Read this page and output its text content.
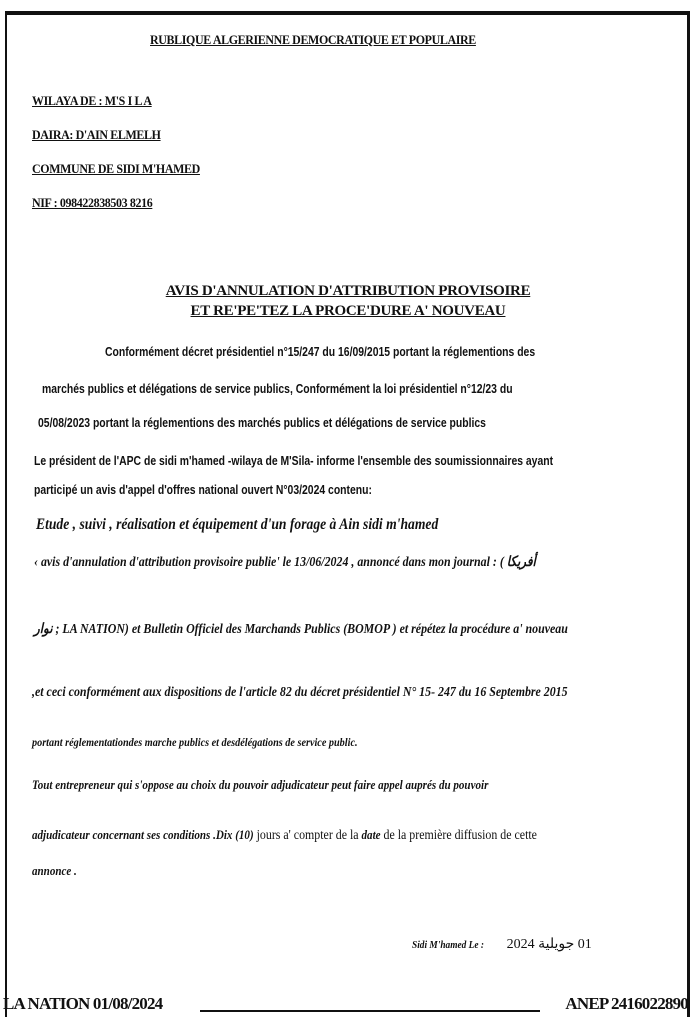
RUBLIQUE ALGERIENNE DEMOCRATIQUE ET POPULAIRE
WILAYA DE : M'S I L A
DAIRA: D'AIN ELMELH
COMMUNE DE SIDI M'HAMED
NIF : 098422838503 8216
AVIS D'ANNULATION D'ATTRIBUTION PROVISOIRE
ET RE'PE'TEZ LA PROCE'DURE A' NOUVEAU
Conformément décret présidentiel n°15/247 du 16/09/2015 portant la réglementions des
marchés publics et délégations de service publics, Conformément la loi présidentiel n°12/23 du
05/08/2023 portant la réglementions des marchés publics et délégations de service publics
Le président de l'APC de sidi m'hamed -wilaya de M'Sila- informe l'ensemble des soumissionnaires ayant
participé un avis d'appel d'offres national ouvert N°03/2024 contenu:
Etude , suivi , réalisation et équipement d'un forage à Ain sidi m'hamed
‹ avis d'annulation d'attribution provisoire publie' le 13/06/2024 , annoncé dans mon journal : ( أفريكا
نوار ; LA NATION) et Bulletin Officiel des Marchands Publics (BOMOP ) et répétez la procédure a' nouveau
,et ceci conformément aux dispositions de l'article 82 du décret présidentiel N° 15- 247 du 16 Septembre 2015
portant réglementationdes marche publics et desdélégations de service public.
Tout entrepreneur qui s'oppose au choix du pouvoir adjudicateur peut faire appel auprés du pouvoir
adjudicateur concernant ses conditions .Dix (10) jours a' compter de la date de la première diffusion de cette
annonce .
Sidi M'hamed Le : 01 جويلية 2024
LA NATION 01/08/2024	ANEP 2416022890
